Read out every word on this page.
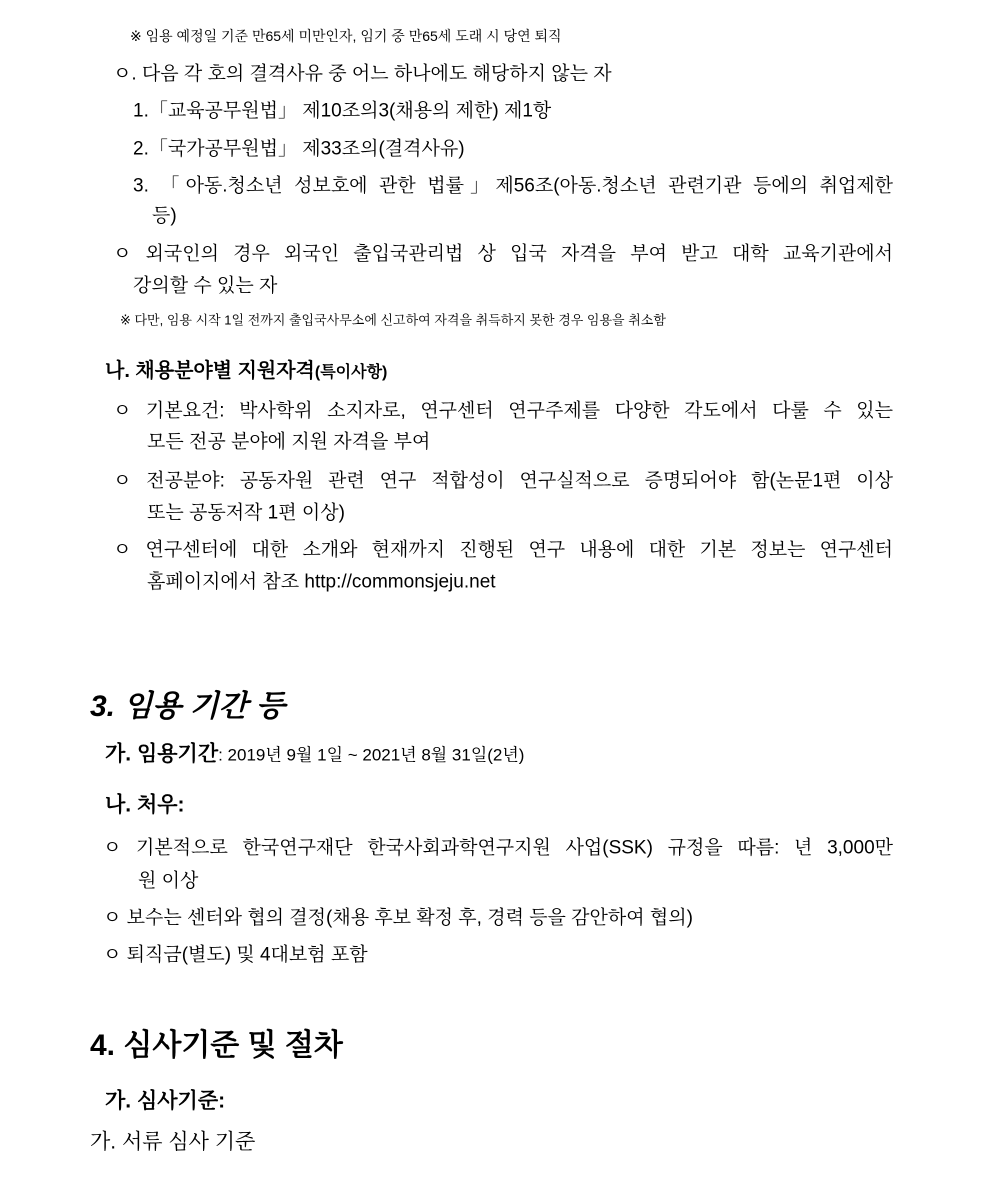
※ 임용 예정일 기준 만65세 미만인자, 임기 중 만65세 도래 시 당연 퇴직
ㅇ. 다음 각 호의 결격사유 중 어느 하나에도 해당하지 않는 자
1.「교육공무원법」 제10조의3(채용의 제한) 제1항
2.「국가공무원법」 제33조의(결격사유)
3. 「아동.청소년 성보호에 관한 법률」제56조(아동.청소년 관련기관 등에의 취업제한
등)
ㅇ 외국인의 경우 외국인 출입국관리법 상 입국 자격을 부여 받고 대학 교육기관에서
강의할 수 있는 자
※ 다만, 임용 시작 1일 전까지 출입국사무소에 신고하여 자격을 취득하지 못한 경우 임용을 취소함
나. 채용분야별 지원자격(특이사항)
ㅇ 기본요건: 박사학위 소지자로, 연구센터 연구주제를 다양한 각도에서 다룰 수 있는
모든 전공 분야에 지원 자격을 부여
ㅇ 전공분야: 공동자원 관련 연구 적합성이 연구실적으로 증명되어야 함(논문1편 이상
또는 공동저작 1편 이상)
ㅇ 연구센터에 대한 소개와 현재까지 진행된 연구 내용에 대한 기본 정보는 연구센터
홈페이지에서 참조 http://commonsjeju.net
3. 임용 기간 등
가. 임용기간: 2019년 9월 1일 ~ 2021년 8월 31일(2년)
나. 처우:
ㅇ 기본적으로 한국연구재단 한국사회과학연구지원 사업(SSK) 규정을 따름: 년 3,000만
원 이상
ㅇ 보수는 센터와 협의 결정(채용 후보 확정 후, 경력 등을 감안하여 협의)
ㅇ 퇴직금(별도) 및 4대보험 포함
4. 심사기준 및 절차
가. 심사기준:
가. 서류 심사 기준
